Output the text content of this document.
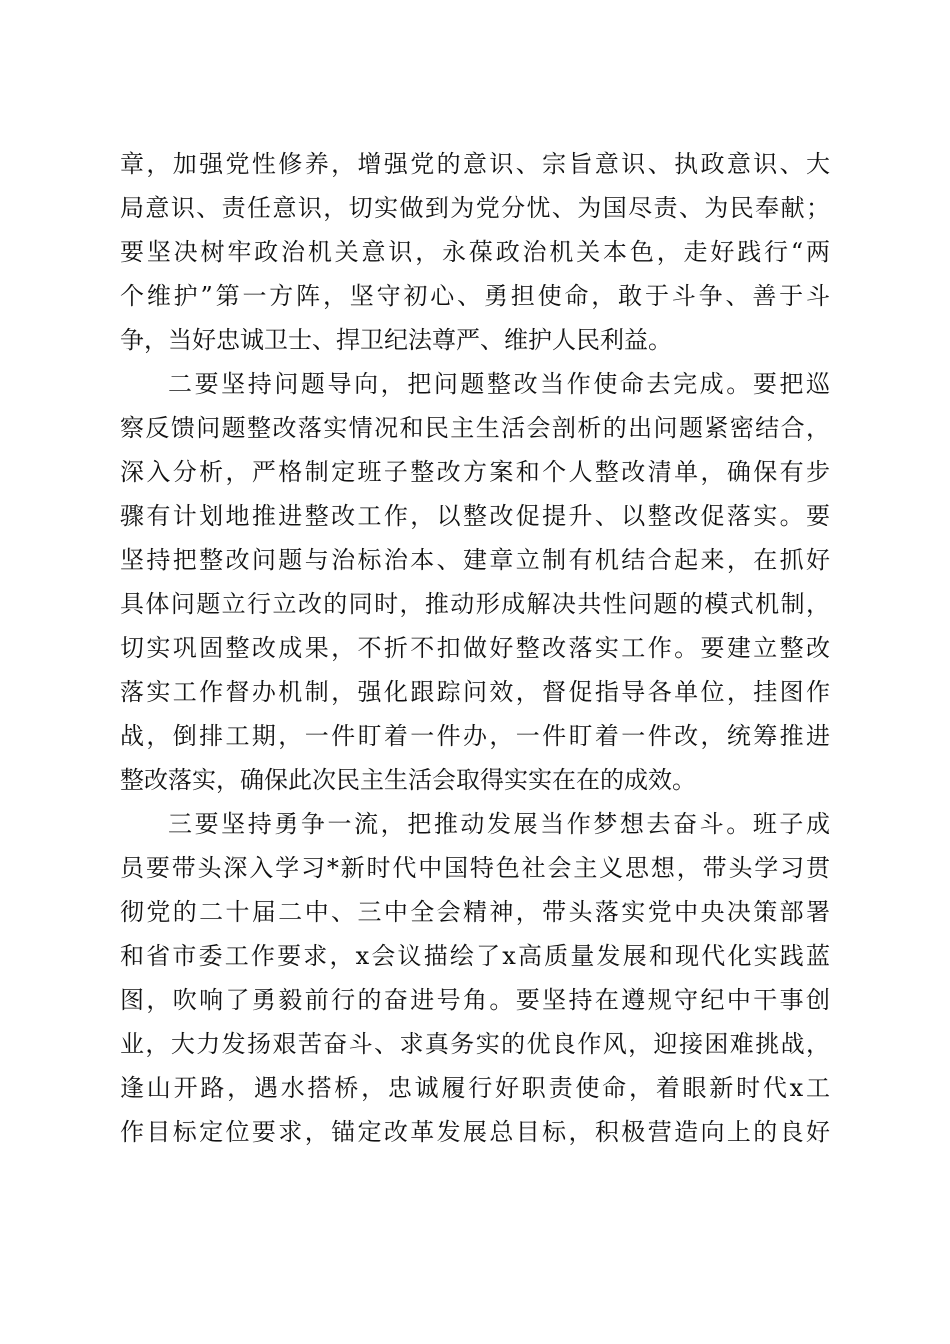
章，加强党性修养，增强党的意识、宗旨意识、执政意识、大
局意识、责任意识，切实做到为党分忧、为国尽责、为民奉献；
要坚决树牢政治机关意识，永葆政治机关本色，走好践行“两
个维护”第一方阵，坚守初心、勇担使命，敢于斗争、善于斗
争，当好忠诚卫士、捍卫纪法尊严、维护人民利益。
二要坚持问题导向，把问题整改当作使命去完成。要把巡
察反馈问题整改落实情况和民主生活会剖析的出问题紧密结合，
深入分析，严格制定班子整改方案和个人整改清单，确保有步
骤有计划地推进整改工作，以整改促提升、以整改促落实。要
坚持把整改问题与治标治本、建章立制有机结合起来，在抓好
具体问题立行立改的同时，推动形成解决共性问题的模式机制，
切实巩固整改成果，不折不扣做好整改落实工作。要建立整改
落实工作督办机制，强化跟踪问效，督促指导各单位，挂图作
战，倒排工期，一件盯着一件办，一件盯着一件改，统筹推进
整改落实，确保此次民主生活会取得实实在在的成效。
三要坚持勇争一流，把推动发展当作梦想去奋斗。班子成
员要带头深入学习*新时代中国特色社会主义思想，带头学习贯
彻党的二十届二中、三中全会精神，带头落实党中央决策部署
和省市委工作要求，x会议描绘了x高质量发展和现代化实践蓝
图，吹响了勇毅前行的奋进号角。要坚持在遵规守纪中干事创
业，大力发扬艰苦奋斗、求真务实的优良作风，迎接困难挑战，
逢山开路，遇水搭桥，忠诚履行好职责使命，着眼新时代x工
作目标定位要求，锚定改革发展总目标，积极营造向上的良好
